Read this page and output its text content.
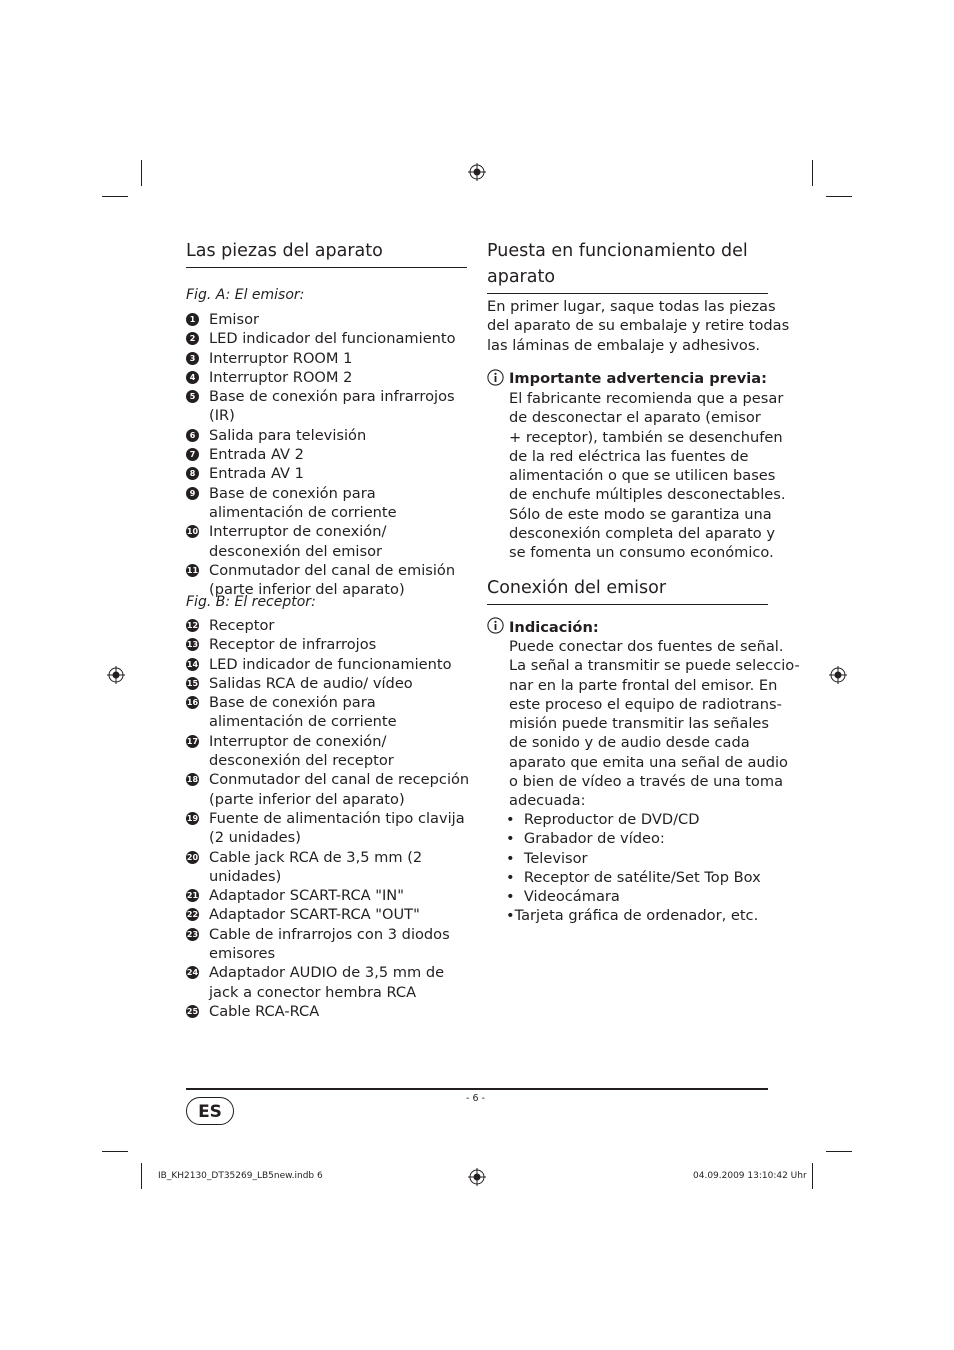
Las piezas del aparato
Fig. A: El emisor:
1 Emisor
2 LED indicador del funcionamiento
3 Interruptor ROOM 1
4 Interruptor ROOM 2
5 Base de conexión para infrarrojos (IR)
6 Salida para televisión
7 Entrada AV 2
8 Entrada AV 1
9 Base de conexión para alimentación de corriente
10 Interruptor de conexión/ desconexión del emisor
11 Conmutador del canal de emisión (parte inferior del aparato)
Fig. B: El receptor:
12 Receptor
13 Receptor de infrarrojos
14 LED indicador de funcionamiento
15 Salidas RCA de audio/ vídeo
16 Base de conexión para alimentación de corriente
17 Interruptor de conexión/ desconexión del receptor
18 Conmutador del canal de recepción (parte inferior del aparato)
19 Fuente de alimentación tipo clavija (2 unidades)
20 Cable jack RCA de 3,5 mm (2 unidades)
21 Adaptador SCART-RCA "IN"
22 Adaptador SCART-RCA "OUT"
23 Cable de infrarrojos con 3 diodos emisores
24 Adaptador AUDIO de 3,5 mm de jack a conector hembra RCA
25 Cable RCA-RCA
Puesta en funcionamiento del
aparato
En primer lugar, saque todas las piezas
del aparato de su embalaje y retire todas
las láminas de embalaje y adhesivos.
Importante advertencia previa:
El fabricante recomienda que a pesar
de desconectar el aparato (emisor
+ receptor), también se desenchufen
de la red eléctrica las fuentes de
alimentación o que se utilicen bases
de enchufe múltiples desconectables.
Sólo de este modo se garantiza una
desconexión completa del aparato y
se fomenta un consumo económico.
Conexión del emisor
Indicación:
Puede conectar dos fuentes de señal.
La señal a transmitir se puede seleccio-
nar en la parte frontal del emisor. En
este proceso el equipo de radiotrans-
misión puede transmitir las señales
de sonido y de audio desde cada
aparato que emita una señal de audio
o bien de vídeo a través de una toma
adecuada:
•  Reproductor de DVD/CD
•  Grabador de vídeo:
•  Televisor
•  Receptor de satélite/Set Top Box
•  Videocámara
•Tarjeta gráfica de ordenador, etc.
- 6 -
ES
IB_KH2130_DT35269_LB5new.indb 6	04.09.2009 13:10:42 Uhr
